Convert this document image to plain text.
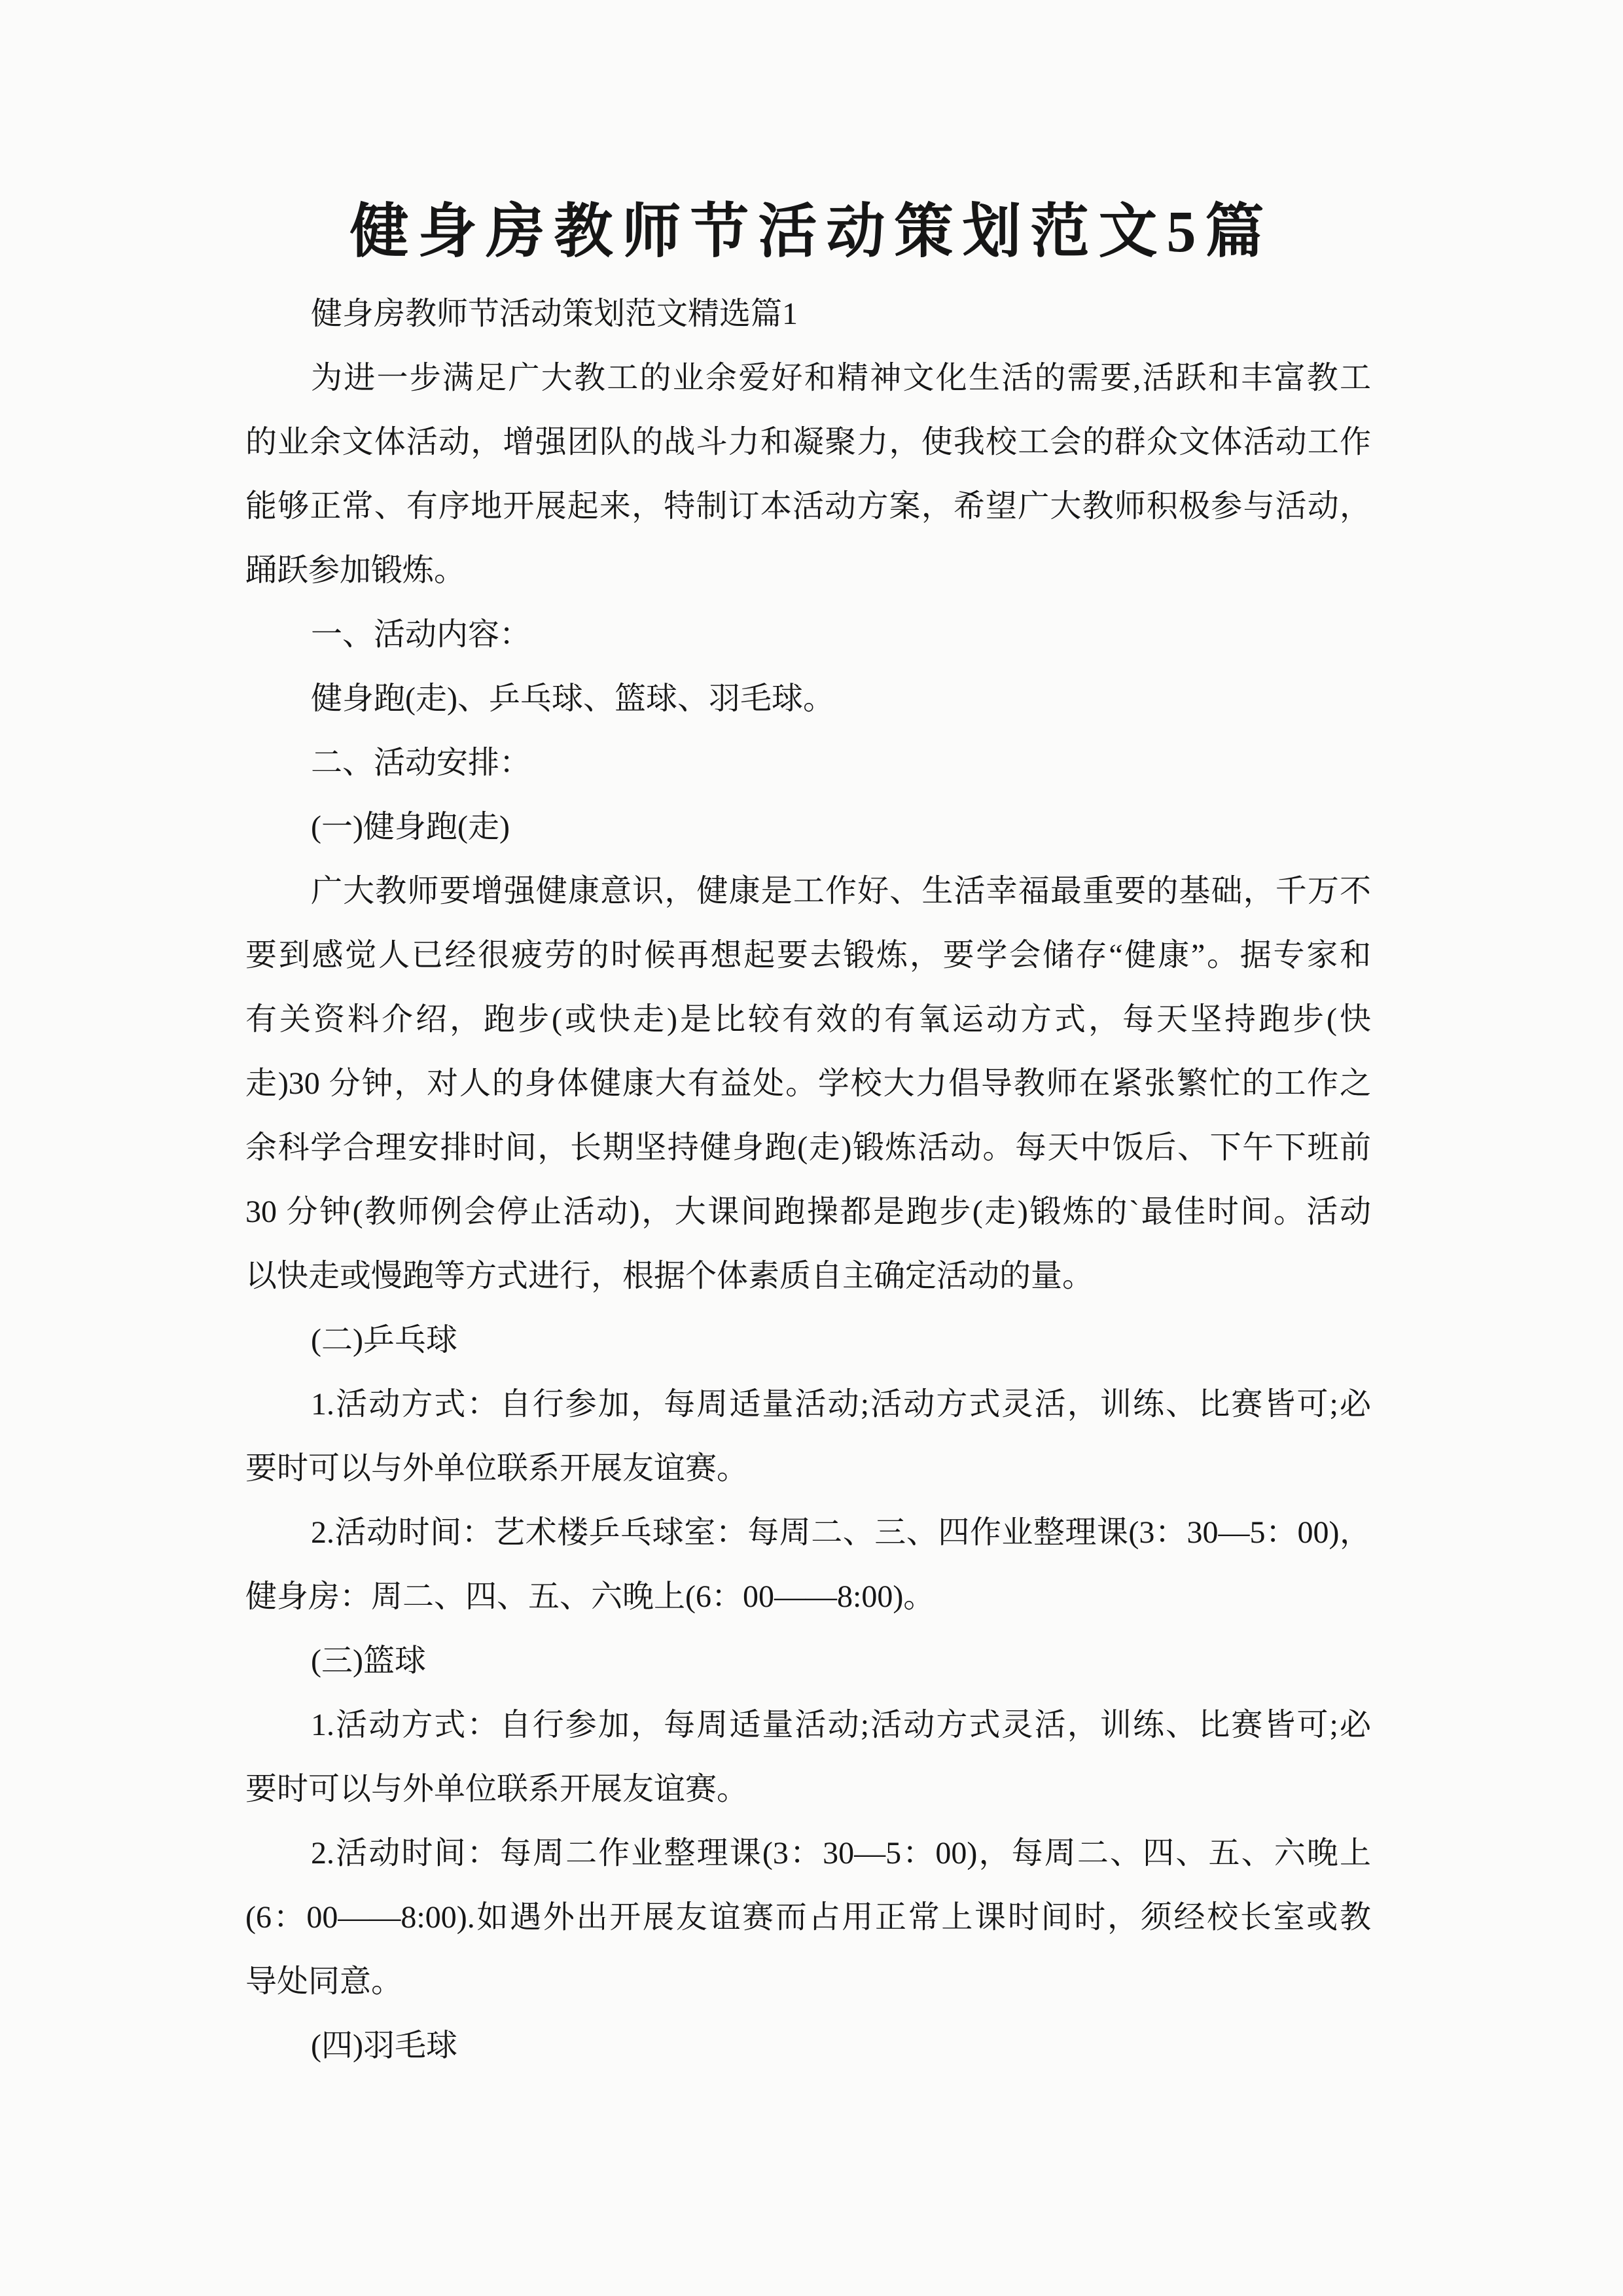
健身房教师节活动策划范文5篇
健身房教师节活动策划范文精选篇1
为进一步满足广大教工的业余爱好和精神文化生活的需要,活跃和丰富教工
的业余文体活动，增强团队的战斗力和凝聚力，使我校工会的群众文体活动工作
能够正常、有序地开展起来，特制订本活动方案，希望广大教师积极参与活动，
踊跃参加锻炼。
一、活动内容：
健身跑(走)、乒乓球、篮球、羽毛球。
二、活动安排：
(一)健身跑(走)
广大教师要增强健康意识，健康是工作好、生活幸福最重要的基础，千万不
要到感觉人已经很疲劳的时候再想起要去锻炼，要学会储存“健康”。据专家和
有关资料介绍，跑步(或快走)是比较有效的有氧运动方式，每天坚持跑步(快
走)30 分钟，对人的身体健康大有益处。学校大力倡导教师在紧张繁忙的工作之
余科学合理安排时间，长期坚持健身跑(走)锻炼活动。每天中饭后、下午下班前
30 分钟(教师例会停止活动)，大课间跑操都是跑步(走)锻炼的`最佳时间。活动
以快走或慢跑等方式进行，根据个体素质自主确定活动的量。
(二)乒乓球
1.活动方式：自行参加，每周适量活动;活动方式灵活，训练、比赛皆可;必
要时可以与外单位联系开展友谊赛。
2.活动时间：艺术楼乒乓球室：每周二、三、四作业整理课(3：30—5：00)，
健身房：周二、四、五、六晚上(6：00——8:00)。
(三)篮球
1.活动方式：自行参加，每周适量活动;活动方式灵活，训练、比赛皆可;必
要时可以与外单位联系开展友谊赛。
2.活动时间：每周二作业整理课(3：30—5：00)，每周二、四、五、六晚上
(6：00——8:00).如遇外出开展友谊赛而占用正常上课时间时，须经校长室或教
导处同意。
(四)羽毛球
